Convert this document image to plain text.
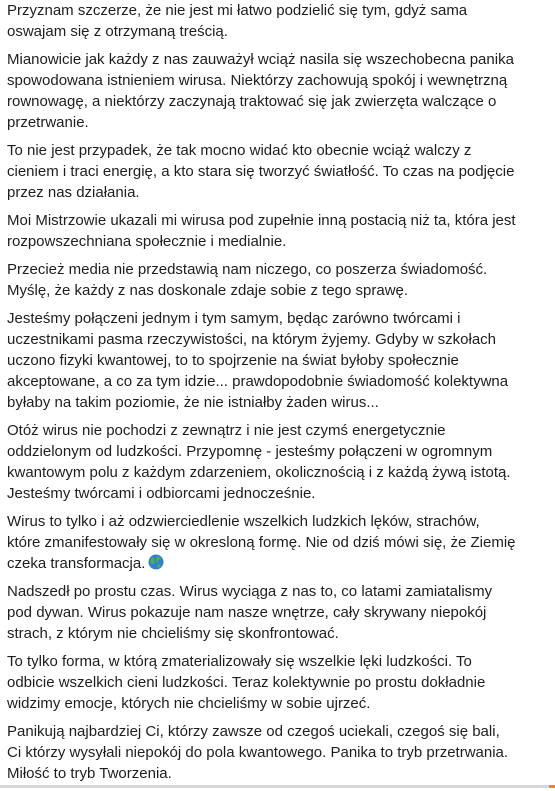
Przyznam szczerze, że nie jest mi łatwo podzielić się tym, gdyż sama
oswajam się z otrzymaną treścią.

Mianowicie jak każdy z nas zauważył wciąż nasila się wszechobecna panika
spowodowana istnieniem wirusa. Niektórzy zachowują spokój i wewnętrzną
rownowagę, a niektórzy zaczynają traktować się jak zwierzęta walczące o
przetrwanie.

To nie jest przypadek, że tak mocno widać kto obecnie wciąż walczy z
cieniem i traci energię, a kto stara się tworzyć światłość. To czas na podjęcie
przez nas działania.

Moi Mistrzowie ukazali mi wirusa pod zupełnie inną postacią niż ta, która jest
rozpowszechniana społecznie i medialnie.

Przecież media nie przedstawią nam niczego, co poszerza świadomość.
Myślę, że każdy z nas doskonale zdaje sobie z tego sprawę.

Jesteśmy połączeni jednym i tym samym, będąc zarówno twórcami i
uczestnikami pasma rzeczywistości, na którym żyjemy. Gdyby w szkołach
uczono fizyki kwantowej, to to spojrzenie na świat byłoby społecznie
akceptowane, a co za tym idzie... prawdopodobnie świadomość kolektywna
byłaby na takim poziomie, że nie istniałby żaden wirus...

Otóż wirus nie pochodzi z zewnątrz i nie jest czymś energetycznie
oddzielonym od ludzkości. Przypomnę - jesteśmy połączeni w ogromnym
kwantowym polu z każdym zdarzeniem, okolicznością i z każdą żywą istotą.
Jesteśmy twórcami i odbiorcami jednocześnie.

Wirus to tylko i aż odzwierciedlenie wszelkich ludzkich lęków, strachów,
które zmanifestowały się w okresloną formę. Nie od dziś mówi się, że Ziemię
czeka transformacja.

Nadszedł po prostu czas. Wirus wyciąga z nas to, co latami zamiatalismy
pod dywan. Wirus pokazuje nam nasze wnętrze, cały skrywany niepokój
strach, z którym nie chcieliśmy się skonfrontować.

To tylko forma, w którą zmaterializowały się wszelkie lęki ludzkości. To
odbicie wszelkich cieni ludzkości. Teraz kolektywnie po prostu dokładnie
widzimy emocje, których nie chcieliśmy w sobie ujrzeć.

Panikują najbardziej Ci, którzy zawsze od czegoś uciekali, czegoś się bali,
Ci którzy wysyłali niepokój do pola kwantowego. Panika to tryb przetrwania.
Miłość to tryb Tworzenia.
